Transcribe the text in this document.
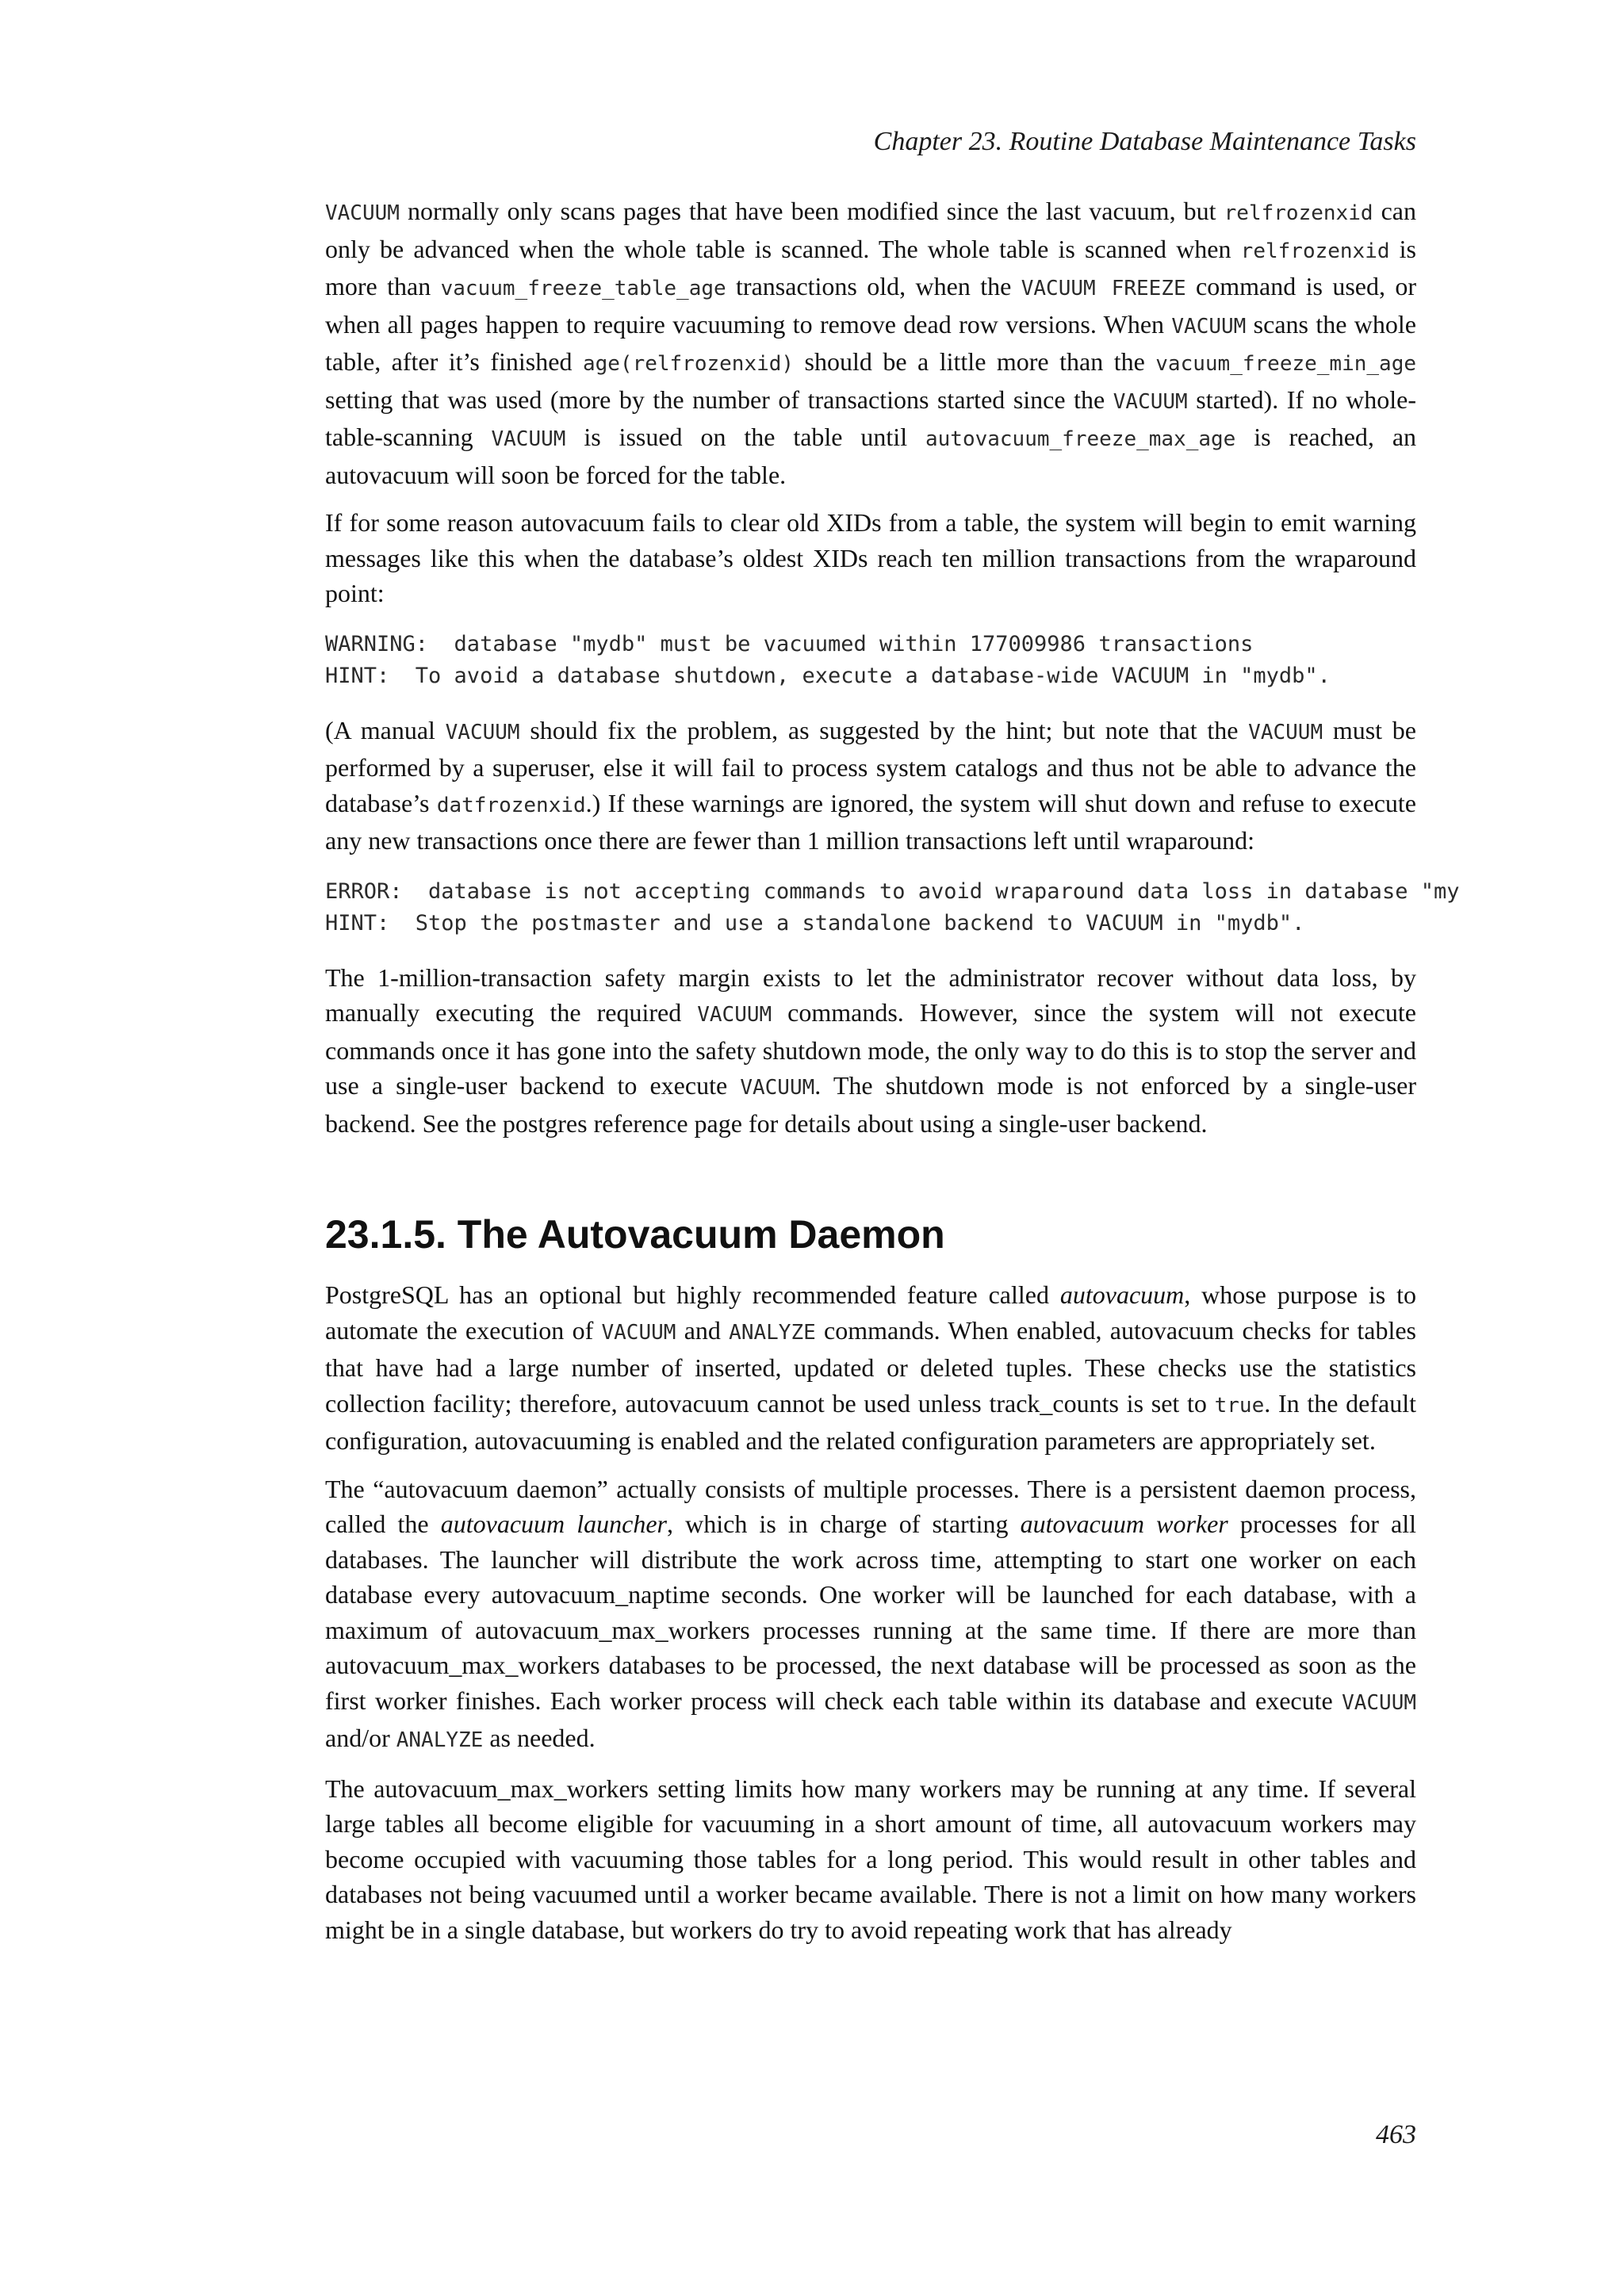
Chapter 23. Routine Database Maintenance Tasks

VACUUM normally only scans pages that have been modified since the last vacuum, but relfrozenxid can only be advanced when the whole table is scanned. The whole table is scanned when relfrozenxid is more than vacuum_freeze_table_age transactions old, when the VACUUM FREEZE command is used, or when all pages happen to require vacuuming to remove dead row versions. When VACUUM scans the whole table, after it’s finished age(relfrozenxid) should be a little more than the vacuum_freeze_min_age setting that was used (more by the number of transactions started since the VACUUM started). If no whole-table-scanning VACUUM is issued on the table until autovacuum_freeze_max_age is reached, an autovacuum will soon be forced for the table.

If for some reason autovacuum fails to clear old XIDs from a table, the system will begin to emit warning messages like this when the database’s oldest XIDs reach ten million transactions from the wraparound point:

WARNING:  database "mydb" must be vacuumed within 177009986 transactions
HINT:  To avoid a database shutdown, execute a database-wide VACUUM in "mydb".

(A manual VACUUM should fix the problem, as suggested by the hint; but note that the VACUUM must be performed by a superuser, else it will fail to process system catalogs and thus not be able to advance the database’s datfrozenxid.) If these warnings are ignored, the system will shut down and refuse to execute any new transactions once there are fewer than 1 million transactions left until wraparound:

ERROR:  database is not accepting commands to avoid wraparound data loss in database "my
HINT:  Stop the postmaster and use a standalone backend to VACUUM in "mydb".

The 1-million-transaction safety margin exists to let the administrator recover without data loss, by manually executing the required VACUUM commands. However, since the system will not execute commands once it has gone into the safety shutdown mode, the only way to do this is to stop the server and use a single-user backend to execute VACUUM. The shutdown mode is not enforced by a single-user backend. See the postgres reference page for details about using a single-user backend.

23.1.5. The Autovacuum Daemon

PostgreSQL has an optional but highly recommended feature called autovacuum, whose purpose is to automate the execution of VACUUM and ANALYZE commands. When enabled, autovacuum checks for tables that have had a large number of inserted, updated or deleted tuples. These checks use the statistics collection facility; therefore, autovacuum cannot be used unless track_counts is set to true. In the default configuration, autovacuuming is enabled and the related configuration parameters are appropriately set.

The “autovacuum daemon” actually consists of multiple processes. There is a persistent daemon process, called the autovacuum launcher, which is in charge of starting autovacuum worker processes for all databases. The launcher will distribute the work across time, attempting to start one worker on each database every autovacuum_naptime seconds. One worker will be launched for each database, with a maximum of autovacuum_max_workers processes running at the same time. If there are more than autovacuum_max_workers databases to be processed, the next database will be processed as soon as the first worker finishes. Each worker process will check each table within its database and execute VACUUM and/or ANALYZE as needed.

The autovacuum_max_workers setting limits how many workers may be running at any time. If several large tables all become eligible for vacuuming in a short amount of time, all autovacuum workers may become occupied with vacuuming those tables for a long period. This would result in other tables and databases not being vacuumed until a worker became available. There is not a limit on how many workers might be in a single database, but workers do try to avoid repeating work that has already

463
